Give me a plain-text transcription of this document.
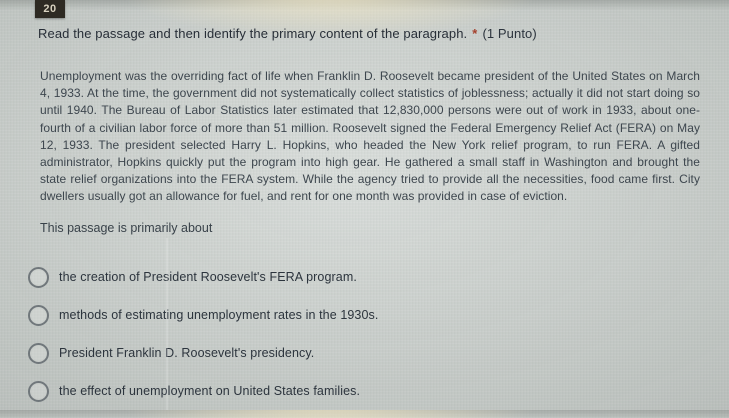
20
Read the passage and then identify the primary content of the paragraph. * (1 Punto)
Unemployment was the overriding fact of life when Franklin D. Roosevelt became president of the United States on March 4, 1933. At the time, the government did not systematically collect statistics of joblessness; actually it did not start doing so until 1940. The Bureau of Labor Statistics later estimated that 12,830,000 persons were out of work in 1933, about one-fourth of a civilian labor force of more than 51 million. Roosevelt signed the Federal Emergency Relief Act (FERA) on May 12, 1933. The president selected Harry L. Hopkins, who headed the New York relief program, to run FERA. A gifted administrator, Hopkins quickly put the program into high gear. He gathered a small staff in Washington and brought the state relief organizations into the FERA system. While the agency tried to provide all the necessities, food came first. City dwellers usually got an allowance for fuel, and rent for one month was provided in case of eviction.
This passage is primarily about
the creation of President Roosevelt's FERA program.
methods of estimating unemployment rates in the 1930s.
President Franklin D. Roosevelt's presidency.
the effect of unemployment on United States families.
